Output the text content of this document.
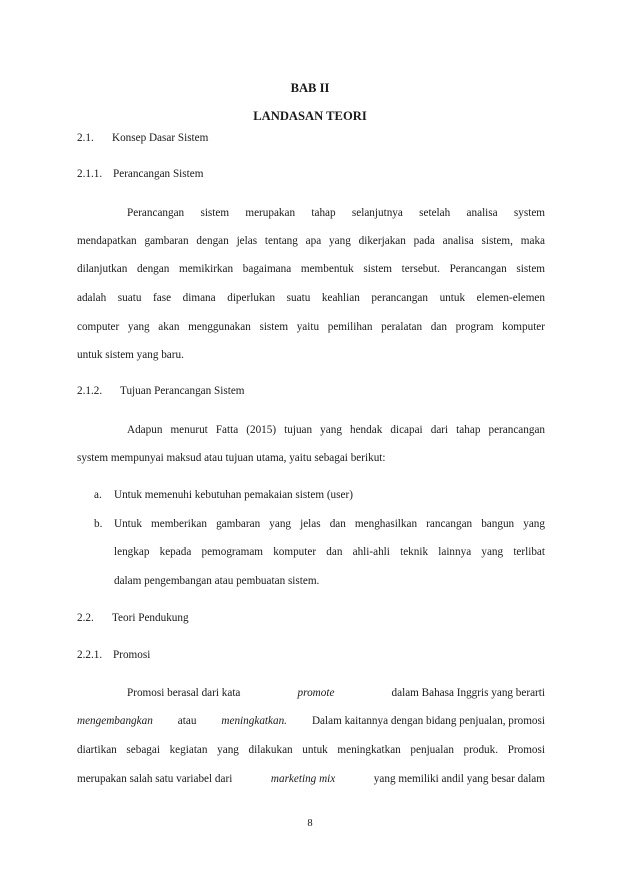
BAB II
LANDASAN TEORI
2.1. Konsep Dasar Sistem
2.1.1. Perancangan Sistem
Perancangan sistem merupakan tahap selanjutnya setelah analisa system
mendapatkan gambaran dengan jelas tentang apa yang dikerjakan pada analisa sistem, maka
dilanjutkan dengan memikirkan bagaimana membentuk sistem tersebut. Perancangan sistem
adalah suatu fase dimana diperlukan suatu keahlian perancangan untuk elemen-elemen
computer yang akan menggunakan sistem yaitu pemilihan peralatan dan program komputer
untuk sistem yang baru.
2.1.2. Tujuan Perancangan Sistem
Adapun menurut Fatta (2015) tujuan yang hendak dicapai dari tahap perancangan
system mempunyai maksud atau tujuan utama, yaitu sebagai berikut:
a. Untuk memenuhi kebutuhan pemakaian sistem (user)
b. Untuk memberikan gambaran yang jelas dan menghasilkan rancangan bangun yang
lengkap kepada pemogramam komputer dan ahli-ahli teknik lainnya yang terlibat
dalam pengembangan atau pembuatan sistem.
2.2. Teori Pendukung
2.2.1. Promosi
Promosi berasal dari kata	promote	dalam Bahasa Inggris yang berarti
mengembangkan atau meningkatkan. Dalam kaitannya dengan bidang penjualan, promosi
diartikan sebagai kegiatan yang dilakukan untuk meningkatkan penjualan produk. Promosi
merupakan salah satu variabel dari	marketing mix	yang memiliki andil yang besar dalam
8
